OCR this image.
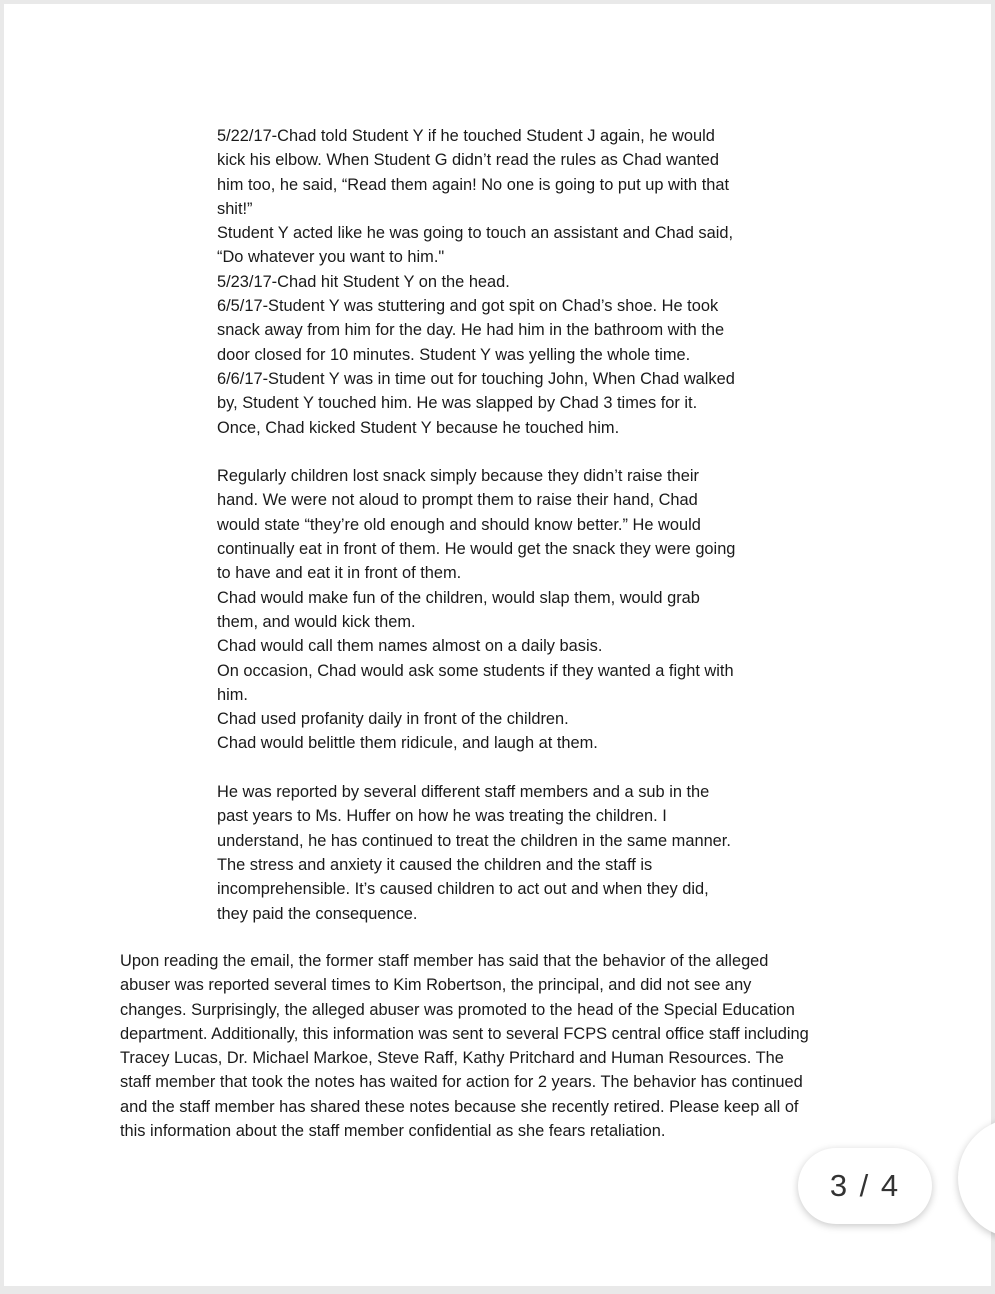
5/22/17-Chad told Student Y if he touched Student J again, he would

kick his elbow. When Student G didn’t read the rules as Chad wanted

him too, he said, “Read them again! No one is going to put up with that

shit!”

Student Y acted like he was going to touch an assistant and Chad said,

“Do whatever you want to him."

5/23/17-Chad hit Student Y on the head.

6/5/17-Student Y was stuttering and got spit on Chad’s shoe. He took

snack away from him for the day. He had him in the bathroom with the

door closed for 10 minutes. Student Y was yelling the whole time.

6/6/17-Student Y was in time out for touching John, When Chad walked

by, Student Y touched him. He was slapped by Chad 3 times for it.

Once, Chad kicked Student Y because he touched him.

Regularly children lost snack simply because they didn’t raise their

hand. We were not aloud to prompt them to raise their hand, Chad

would state “they’re old enough and should know better.” He would

continually eat in front of them. He would get the snack they were going

to have and eat it in front of them.

Chad would make fun of the children, would slap them, would grab

them, and would kick them.

Chad would call them names almost on a daily basis.

On occasion, Chad would ask some students if they wanted a fight with

him.

Chad used profanity daily in front of the children.

Chad would belittle them ridicule, and laugh at them.

He was reported by several different staff members and a sub in the

past years to Ms. Huffer on how he was treating the children. I

understand, he has continued to treat the children in the same manner.

The stress and anxiety it caused the children and the staff is

incomprehensible. It’s caused children to act out and when they did,

they paid the consequence.

Upon reading the email, the former staff member has said that the behavior of the alleged

abuser was reported several times to Kim Robertson, the principal, and did not see any

changes. Surprisingly, the alleged abuser was promoted to the head of the Special Education

department. Additionally, this information was sent to several FCPS central office staff including

Tracey Lucas, Dr. Michael Markoe, Steve Raff, Kathy Pritchard and Human Resources. The

staff member that took the notes has waited for action for 2 years. The behavior has continued

and the staff member has shared these notes because she recently retired. Please keep all of

this information about the staff member confidential as she fears retaliation.

3 / 4
